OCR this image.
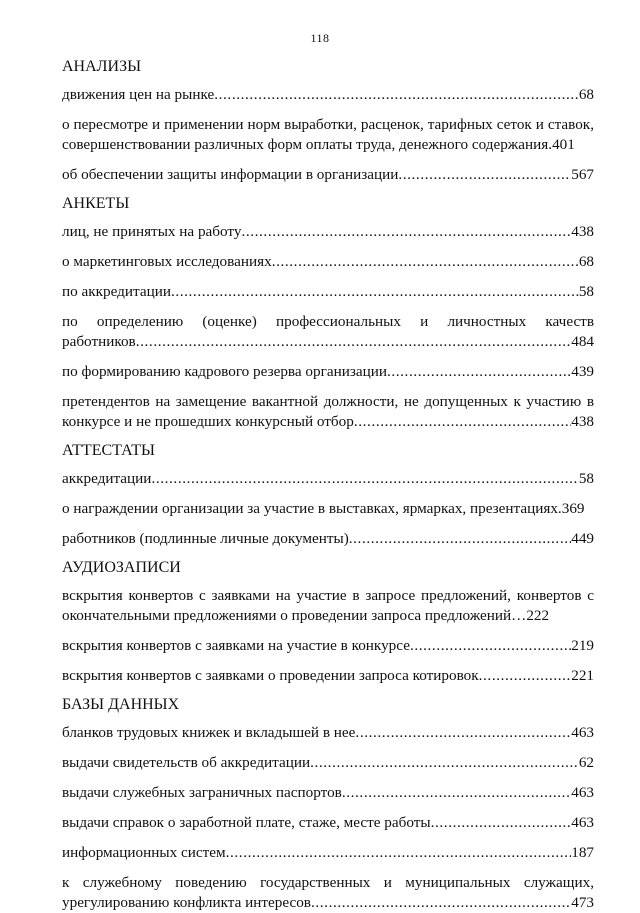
118
АНАЛИЗЫ
движения цен на рынке .....	68
о пересмотре и применении норм выработки, расценок, тарифных сеток и ставок,
совершенствовании различных форм оплаты труда, денежного содержания. 401
об обеспечении защиты информации в организации .....	567
АНКЕТЫ
лиц, не принятых на работу .....	438
о маркетинговых исследованиях .....	68
по аккредитации .....	58
по определению (оценке) профессиональных и личностных качеств
работников .....	484
по формированию кадрового резерва организации .....	439
претендентов на замещение вакантной должности, не допущенных к участию в
конкурсе и не прошедших конкурсный отбор .....	438
АТТЕСТАТЫ
аккредитации .....	58
о награждении организации за участие в выставках, ярмарках, презентациях. 369
работников (подлинные личные документы) .....	449
АУДИОЗАПИСИ
вскрытия конвертов с заявками на участие в запросе предложений, конвертов с
окончательными предложениями о проведении запроса предложений… 222
вскрытия конвертов с заявками на участие в конкурсе .....	219
вскрытия конвертов с заявками о проведении запроса котировок .....	221
БАЗЫ ДАННЫХ
бланков трудовых книжек и вкладышей в нее .....	463
выдачи свидетельств об аккредитации .....	62
выдачи служебных заграничных паспортов .....	463
выдачи справок о заработной плате, стаже, месте работы .....	463
информационных систем .....	187
к служебному поведению государственных и муниципальных служащих,
урегулированию конфликта интересов .....	473
